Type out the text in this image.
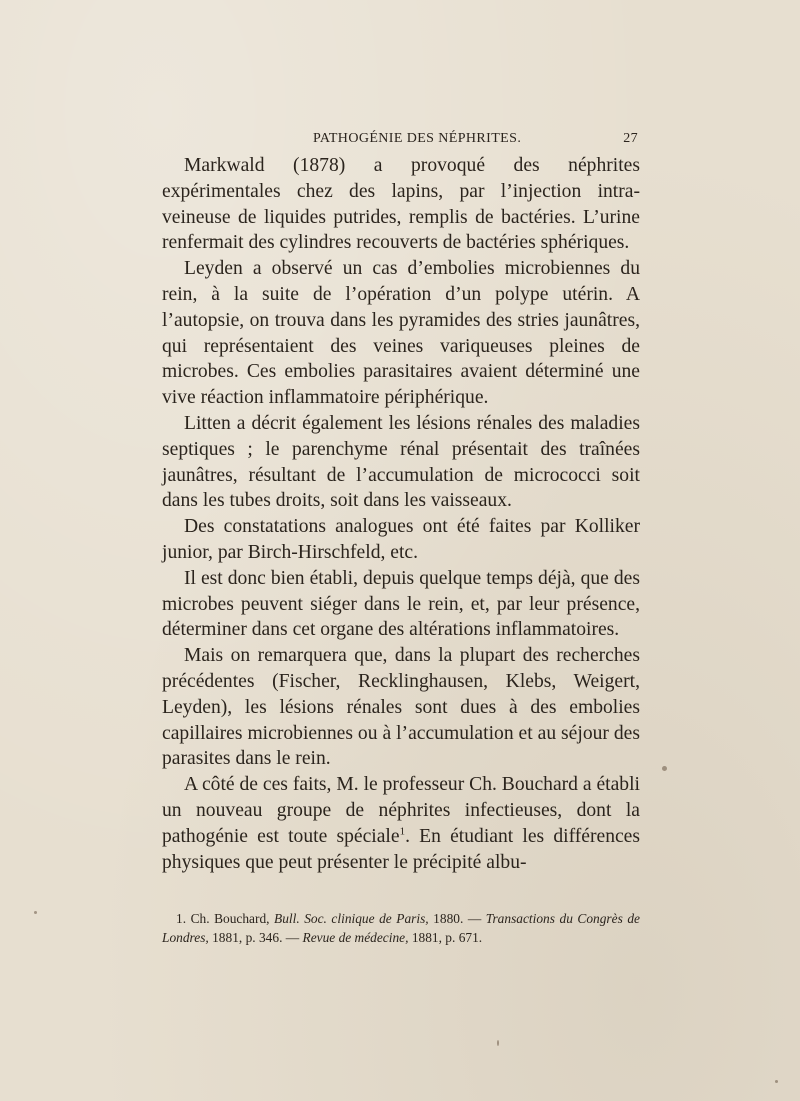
PATHOGÉNIE DES NÉPHRITES.	27

Markwald (1878) a provoqué des néphrites expérimentales chez des lapins, par l’injection intra-veineuse de liquides putrides, remplis de bactéries. L’urine renfermait des cylindres recouverts de bactéries sphériques.

Leyden a observé un cas d’embolies microbiennes du rein, à la suite de l’opération d’un polype utérin. A l’autopsie, on trouva dans les pyramides des stries jaunâtres, qui représentaient des veines variqueuses pleines de microbes. Ces embolies parasitaires avaient déterminé une vive réaction inflammatoire périphérique.

Litten a décrit également les lésions rénales des maladies septiques ; le parenchyme rénal présentait des traînées jaunâtres, résultant de l’accumulation de micrococci soit dans les tubes droits, soit dans les vaisseaux.

Des constatations analogues ont été faites par Kolliker junior, par Birch-Hirschfeld, etc.

Il est donc bien établi, depuis quelque temps déjà, que des microbes peuvent siéger dans le rein, et, par leur présence, déterminer dans cet organe des altérations inflammatoires.

Mais on remarquera que, dans la plupart des recherches précédentes (Fischer, Recklinghausen, Klebs, Weigert, Leyden), les lésions rénales sont dues à des embolies capillaires microbiennes ou à l’accumulation et au séjour des parasites dans le rein.

A côté de ces faits, M. le professeur Ch. Bouchard a établi un nouveau groupe de néphrites infectieuses, dont la pathogénie est toute spéciale$^1$. En étudiant les différences physiques que peut présenter le précipité albu-

1. Ch. Bouchard, Bull. Soc. clinique de Paris, 1880. — Transactions du Congrès de Londres, 1881, p. 346. — Revue de médecine, 1881, p. 671.
